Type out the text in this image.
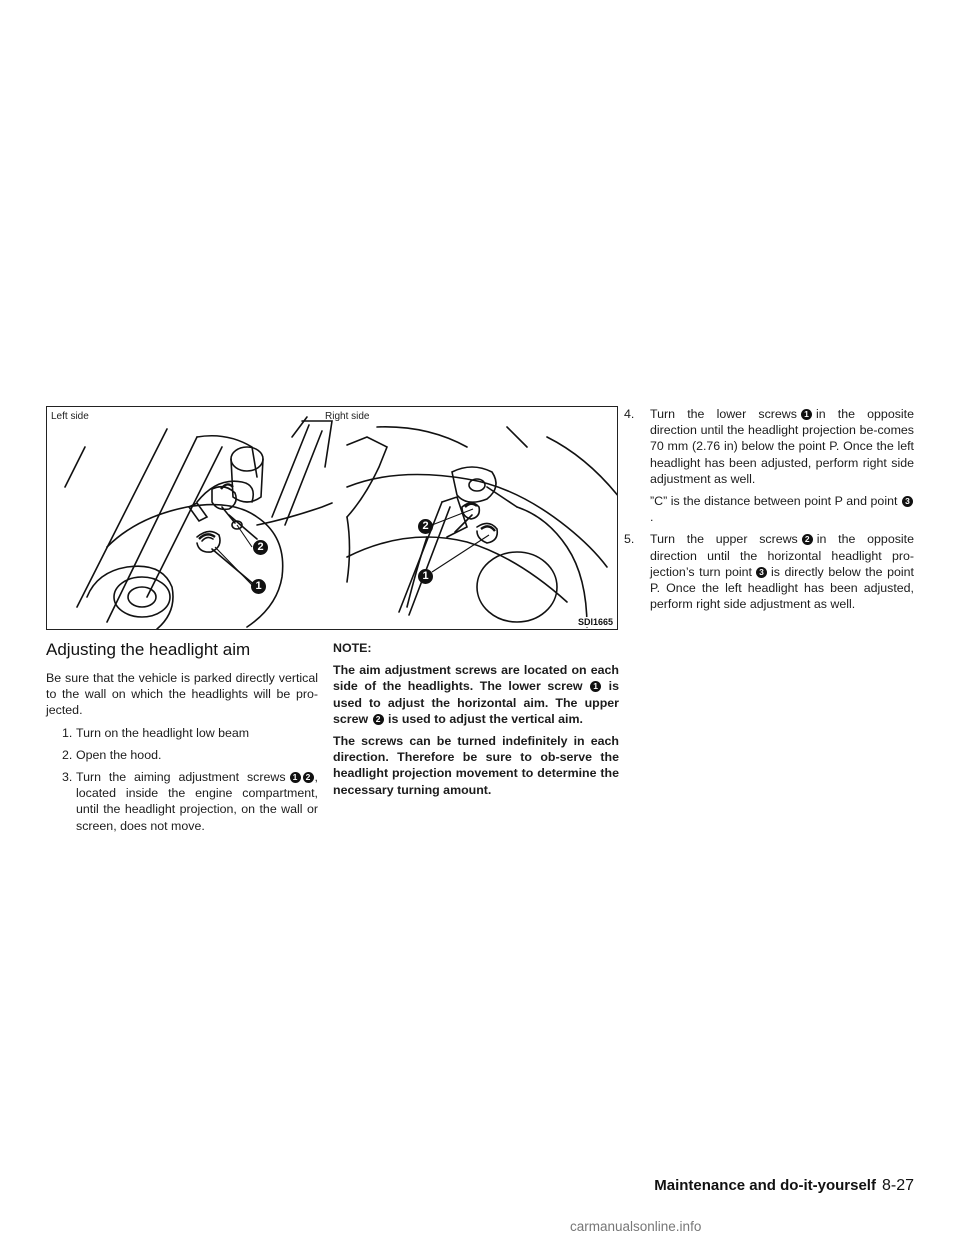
Left side	Right side
2
1
2
1
SDI1665
Adjusting the headlight aim

Be sure that the vehicle is parked directly vertical to the wall on which the headlights will be pro-jected.

1. Turn on the headlight low beam
2. Open the hood.
3. Turn the aiming adjustment screws 1 2 , located inside the engine compartment, until the headlight projection, on the wall or screen, does not move.

NOTE:

The aim adjustment screws are located on each side of the headlights. The lower screw 1 is used to adjust the horizontal aim. The upper screw 2 is used to adjust the vertical aim.

The screws can be turned indefinitely in each direction. Therefore be sure to ob-serve the headlight projection movement to determine the necessary turning amount.

4. Turn the lower screws 1 in the opposite direction until the headlight projection be-comes 70 mm (2.76 in) below the point P. Once the left headlight has been adjusted, perform right side adjustment as well.

”C” is the distance between point P and point 3.

5. Turn the upper screws 2 in the opposite direction until the horizontal headlight pro-jection’s turn point 3 is directly below the point P. Once the left headlight has been adjusted, perform right side adjustment as well.
Maintenance and do-it-yourself 8-27
carmanualsonline.info
